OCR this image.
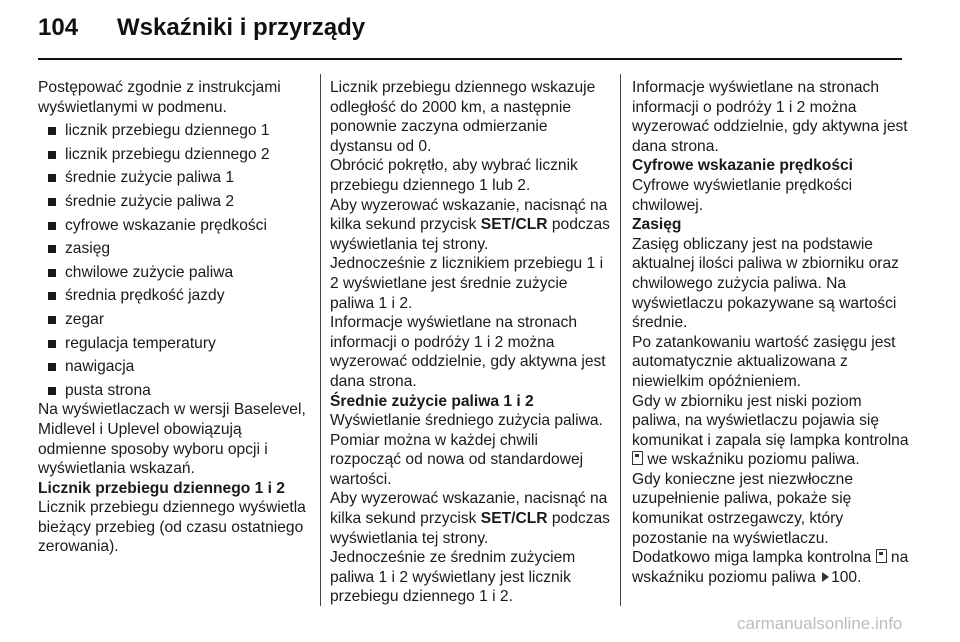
104 Wskaźniki i przyrządy

Postępować zgodnie z instrukcjami wyświetlanymi w podmenu.

licznik przebiegu dziennego 1
licznik przebiegu dziennego 2
średnie zużycie paliwa 1
średnie zużycie paliwa 2
cyfrowe wskazanie prędkości
zasięg
chwilowe zużycie paliwa
średnia prędkość jazdy
zegar
regulacja temperatury
nawigacja
pusta strona

Na wyświetlaczach w wersji Baselevel, Midlevel i Uplevel obowiązują odmienne sposoby wyboru opcji i wyświetlania wskazań.

Licznik przebiegu dziennego 1 i 2

Licznik przebiegu dziennego wyświetla bieżący przebieg (od czasu ostatniego zerowania).

Licznik przebiegu dziennego wskazuje odległość do 2000 km, a następnie ponownie zaczyna odmierzanie dystansu od 0.

Obrócić pokrętło, aby wybrać licznik przebiegu dziennego 1 lub 2.

Aby wyzerować wskazanie, nacisnąć na kilka sekund przycisk SET/CLR podczas wyświetlania tej strony.

Jednocześnie z licznikiem przebiegu 1 i 2 wyświetlane jest średnie zużycie paliwa 1 i 2.

Informacje wyświetlane na stronach informacji o podróży 1 i 2 można wyzerować oddzielnie, gdy aktywna jest dana strona.

Średnie zużycie paliwa 1 i 2

Wyświetlanie średniego zużycia paliwa. Pomiar można w każdej chwili rozpocząć od nowa od standardowej wartości.

Aby wyzerować wskazanie, nacisnąć na kilka sekund przycisk SET/CLR podczas wyświetlania tej strony.

Jednocześnie ze średnim zużyciem paliwa 1 i 2 wyświetlany jest licznik przebiegu dziennego 1 i 2.

Informacje wyświetlane na stronach informacji o podróży 1 i 2 można wyzerować oddzielnie, gdy aktywna jest dana strona.

Cyfrowe wskazanie prędkości

Cyfrowe wyświetlanie prędkości chwilowej.

Zasięg

Zasięg obliczany jest na podstawie aktualnej ilości paliwa w zbiorniku oraz chwilowego zużycia paliwa. Na wyświetlaczu pokazywane są wartości średnie.

Po zatankowaniu wartość zasięgu jest automatycznie aktualizowana z niewielkim opóźnieniem.

Gdy w zbiorniku jest niski poziom paliwa, na wyświetlaczu pojawia się komunikat i zapala się lampka kontrolna  we wskaźniku poziomu paliwa.

Gdy konieczne jest niezwłoczne uzupełnienie paliwa, pokaże się komunikat ostrzegawczy, który pozostanie na wyświetlaczu.
Dodatkowo miga lampka kontrolna  na wskaźniku poziomu paliwa 100.

carmanualsonline.info
